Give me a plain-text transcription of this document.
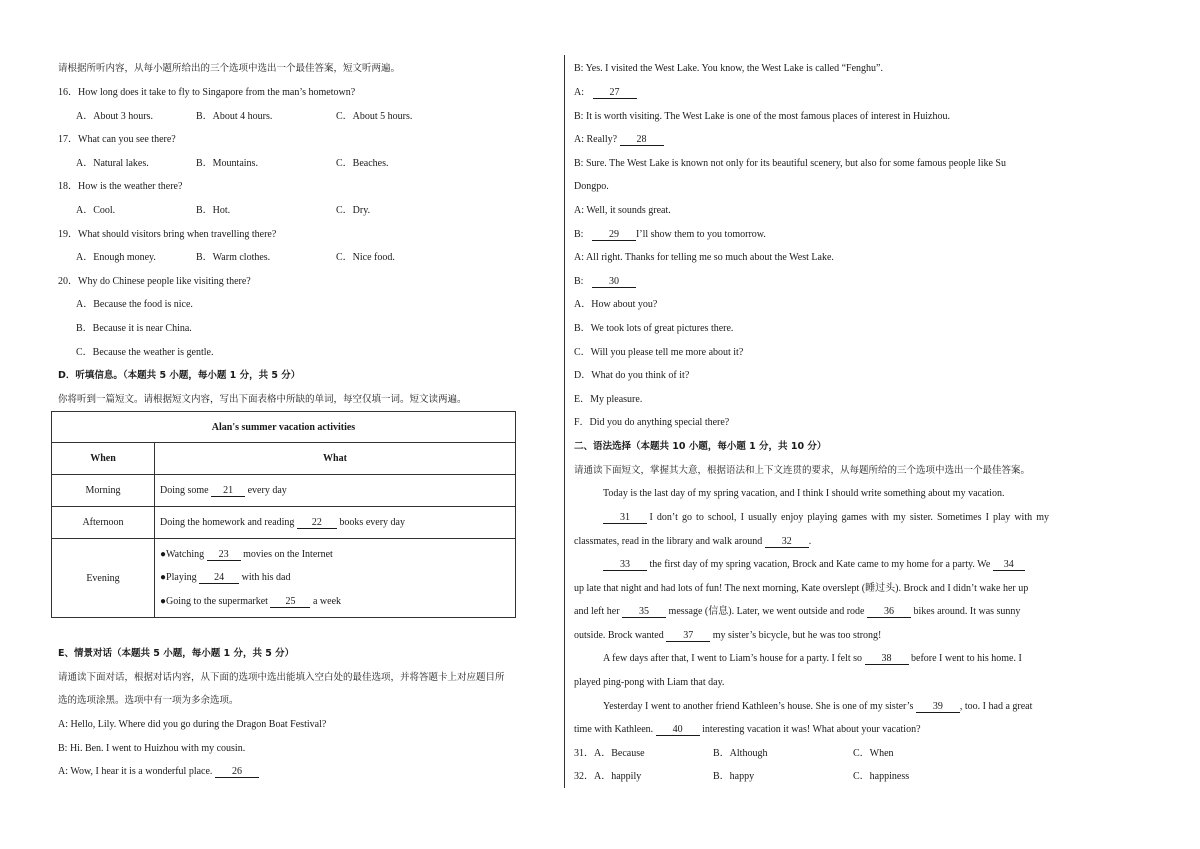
请根据所听内容，从每小题所给出的三个选项中选出一个最佳答案，短文听两遍。
16．How long does it take to fly to Singapore from the man’s hometown?
A．About 3 hours.	B．About 4 hours.	C．About 5 hours.
17．What can you see there?
A．Natural lakes.	B．Mountains.	C．Beaches.
18．How is the weather there?
A．Cool.	B．Hot.	C．Dry.
19．What should visitors bring when travelling there?
A．Enough money.	B．Warm clothes.	C．Nice food.
20．Why do Chinese people like visiting there?
A．Because the food is nice.
B．Because it is near China.
C．Because the weather is gentle.
D．听填信息。（本题共 5 小题，每小题 1 分，共 5 分）
你将听到一篇短文。请根据短文内容，写出下面表格中所缺的单词，每空仅填一词。短文读两遍。
Alan's summer vacation activities	
When	What
Morning	Doing some 21 every day
Afternoon	Doing the homework and reading 22 books every day
Evening	●Watching 23 movies on the Internet
●Playing 24 with his dad
●Going to the supermarket 25 a week
E、情景对话（本题共 5 小题，每小题 1 分，共 5 分）
请通读下面对话，根据对话内容，从下面的选项中选出能填入空白处的最佳选项，并将答题卡上对应题目所
选的选项涂黑。选项中有一项为多余选项。
A: Hello, Lily. Where did you go during the Dragon Boat Festival?
B: Hi. Ben. I went to Huizhou with my cousin.
A: Wow, I hear it is a wonderful place. 26
B: Yes. I visited the West Lake. You know, the West Lake is called “Fenghu”.
A:	27
B: It is worth visiting. The West Lake is one of the most famous places of interest in Huizhou.
A: Really? 28
B: Sure. The West Lake is known not only for its beautiful scenery, but also for some famous people like Su
Dongpo.
A: Well, it sounds great.
B:	29 I’ll show them to you tomorrow.
A: All right. Thanks for telling me so much about the West Lake.
B:	30
A．How about you?
B．We took lots of great pictures there.
C．Will you please tell me more about it?
D．What do you think of it?
E．My pleasure.
F．Did you do anything special there?
二、语法选择（本题共 10 小题，每小题 1 分，共 10 分）
请通读下面短文，掌握其大意，根据语法和上下文连贯的要求，从每题所给的三个选项中选出一个最佳答案。
Today is the last day of my spring vacation, and I think I should write something about my vacation.
31 I don’t go to school, I usually enjoy playing games with my sister. Sometimes I play with my
classmates, read in the library and walk around 32 .
33 the first day of my spring vacation, Brock and Kate came to my home for a party. We 34
up late that night and had lots of fun! The next morning, Kate overslept (睡过头). Brock and I didn’t wake her up
and left her 35 message (信息). Later, we went outside and rode 36 bikes around. It was sunny
outside. Brock wanted 37 my sister’s bicycle, but he was too strong!
A few days after that, I went to Liam’s house for a party. I felt so 38 before I went to his home. I
played ping-pong with Liam that day.
Yesterday I went to another friend Kathleen’s house. She is one of my sister’s 39 , too. I had a great
time with Kathleen. 40 interesting vacation it was! What about your vacation?
31．A．Because	B．Although	C．When
32．A．happily	B．happy	C．happiness
